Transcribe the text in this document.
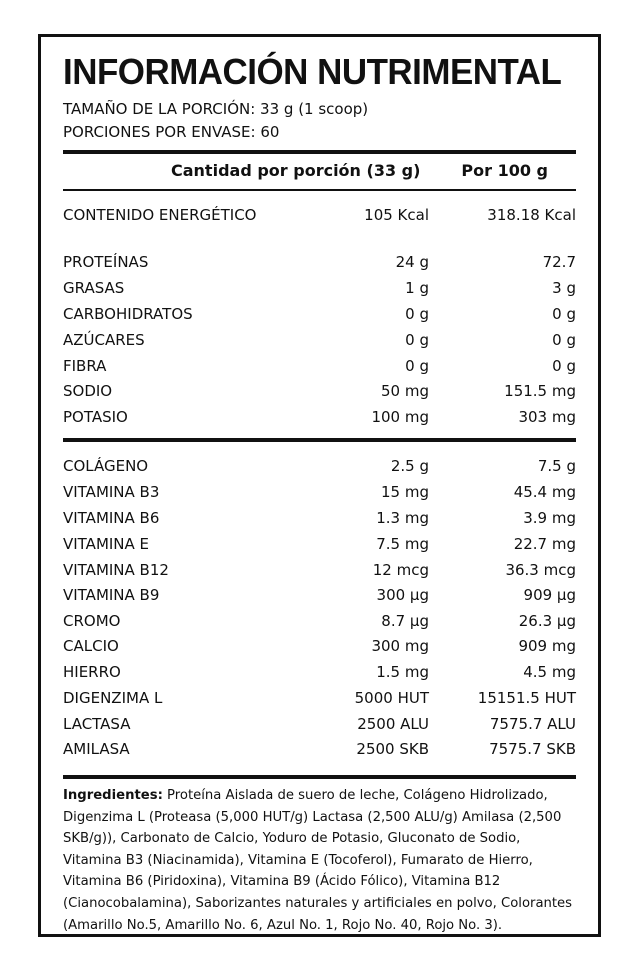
INFORMACIÓN NUTRIMENTAL
TAMAÑO DE LA PORCIÓN: 33 g (1 scoop)
PORCIONES POR ENVASE: 60
Cantidad por porción (33 g)	Por 100 g
CONTENIDO ENERGÉTICO	105 Kcal	318.18 Kcal
PROTEÍNAS	24 g	72.7
GRASAS	1 g	3 g
CARBOHIDRATOS	0 g	0 g
AZÚCARES	0 g	0 g
FIBRA	0 g	0 g
SODIO	50 mg	151.5 mg
POTASIO	100 mg	303 mg
COLÁGENO	2.5 g	7.5 g
VITAMINA B3	15 mg	45.4 mg
VITAMINA B6	1.3 mg	3.9 mg
VITAMINA E	7.5 mg	22.7 mg
VITAMINA B12	12 mcg	36.3 mcg
VITAMINA B9	300 µg	909 µg
CROMO	8.7 µg	26.3 µg
CALCIO	300 mg	909 mg
HIERRO	1.5 mg	4.5 mg
DIGENZIMA L	5000 HUT	15151.5 HUT
LACTASA	2500 ALU	7575.7 ALU
AMILASA	2500 SKB	7575.7 SKB
Ingredientes: Proteína Aislada de suero de leche, Colágeno Hidrolizado, Digenzima L (Proteasa (5,000 HUT/g) Lactasa (2,500 ALU/g) Amilasa (2,500 SKB/g)), Carbonato de Calcio, Yoduro de Potasio, Gluconato de Sodio, Vitamina B3 (Niacinamida), Vitamina E (Tocoferol), Fumarato de Hierro, Vitamina B6 (Piridoxina), Vitamina B9 (Ácido Fólico), Vitamina B12 (Cianocobalamina), Saborizantes naturales y artificiales en polvo, Colorantes (Amarillo No.5, Amarillo No. 6, Azul No. 1, Rojo No. 40, Rojo No. 3).
